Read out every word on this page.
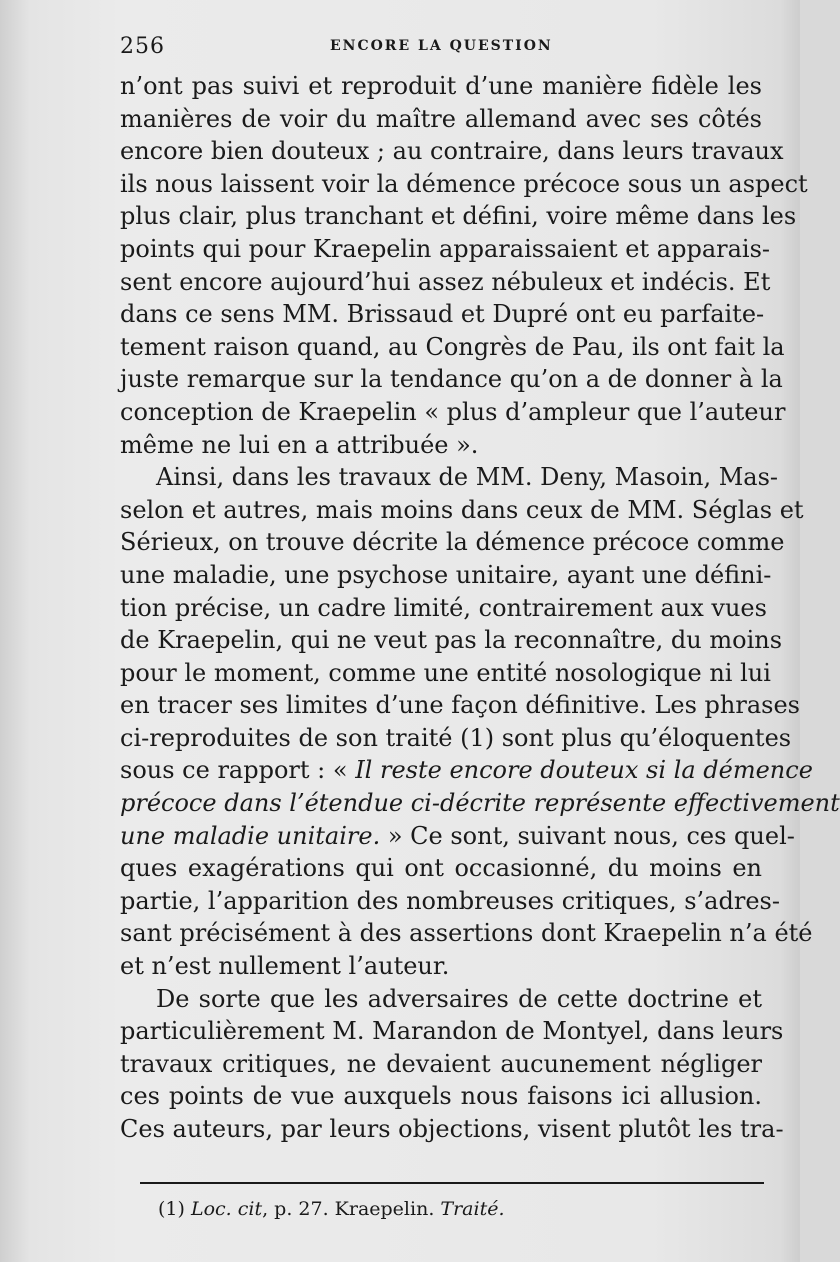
256	ENCORE LA QUESTION
n’ont pas suivi et reproduit d’une manière fidèle les
manières de voir du maître allemand avec ses côtés
encore bien douteux ; au contraire, dans leurs travaux
ils nous laissent voir la démence précoce sous un aspect
plus clair, plus tranchant et défini, voire même dans les
points qui pour Kraepelin apparaissaient et apparais-
sent encore aujourd’hui assez nébuleux et indécis. Et
dans ce sens MM. Brissaud et Dupré ont eu parfaite-
tement raison quand, au Congrès de Pau, ils ont fait la
juste remarque sur la tendance qu’on a de donner à la
conception de Kraepelin « plus d’ampleur que l’auteur
même ne lui en a attribuée ».
Ainsi, dans les travaux de MM. Deny, Masoin, Mas-
selon et autres, mais moins dans ceux de MM. Séglas et
Sérieux, on trouve décrite la démence précoce comme
une maladie, une psychose unitaire, ayant une défini-
tion précise, un cadre limité, contrairement aux vues
de Kraepelin, qui ne veut pas la reconnaître, du moins
pour le moment, comme une entité nosologique ni lui
en tracer ses limites d’une façon définitive. Les phrases
ci-reproduites de son traité (1) sont plus qu’éloquentes
sous ce rapport : « Il reste encore douteux si la démence
précoce dans l’étendue ci-décrite représente effectivement
une maladie unitaire. » Ce sont, suivant nous, ces quel-
ques exagérations qui ont occasionné, du moins en
partie, l’apparition des nombreuses critiques, s’adres-
sant précisément à des assertions dont Kraepelin n’a été
et n’est nullement l’auteur.
De sorte que les adversaires de cette doctrine et
particulièrement M. Marandon de Montyel, dans leurs
travaux critiques, ne devaient aucunement négliger
ces points de vue auxquels nous faisons ici allusion.
Ces auteurs, par leurs objections, visent plutôt les tra-
(1) Loc. cit, p. 27. Kraepelin. Traité.
